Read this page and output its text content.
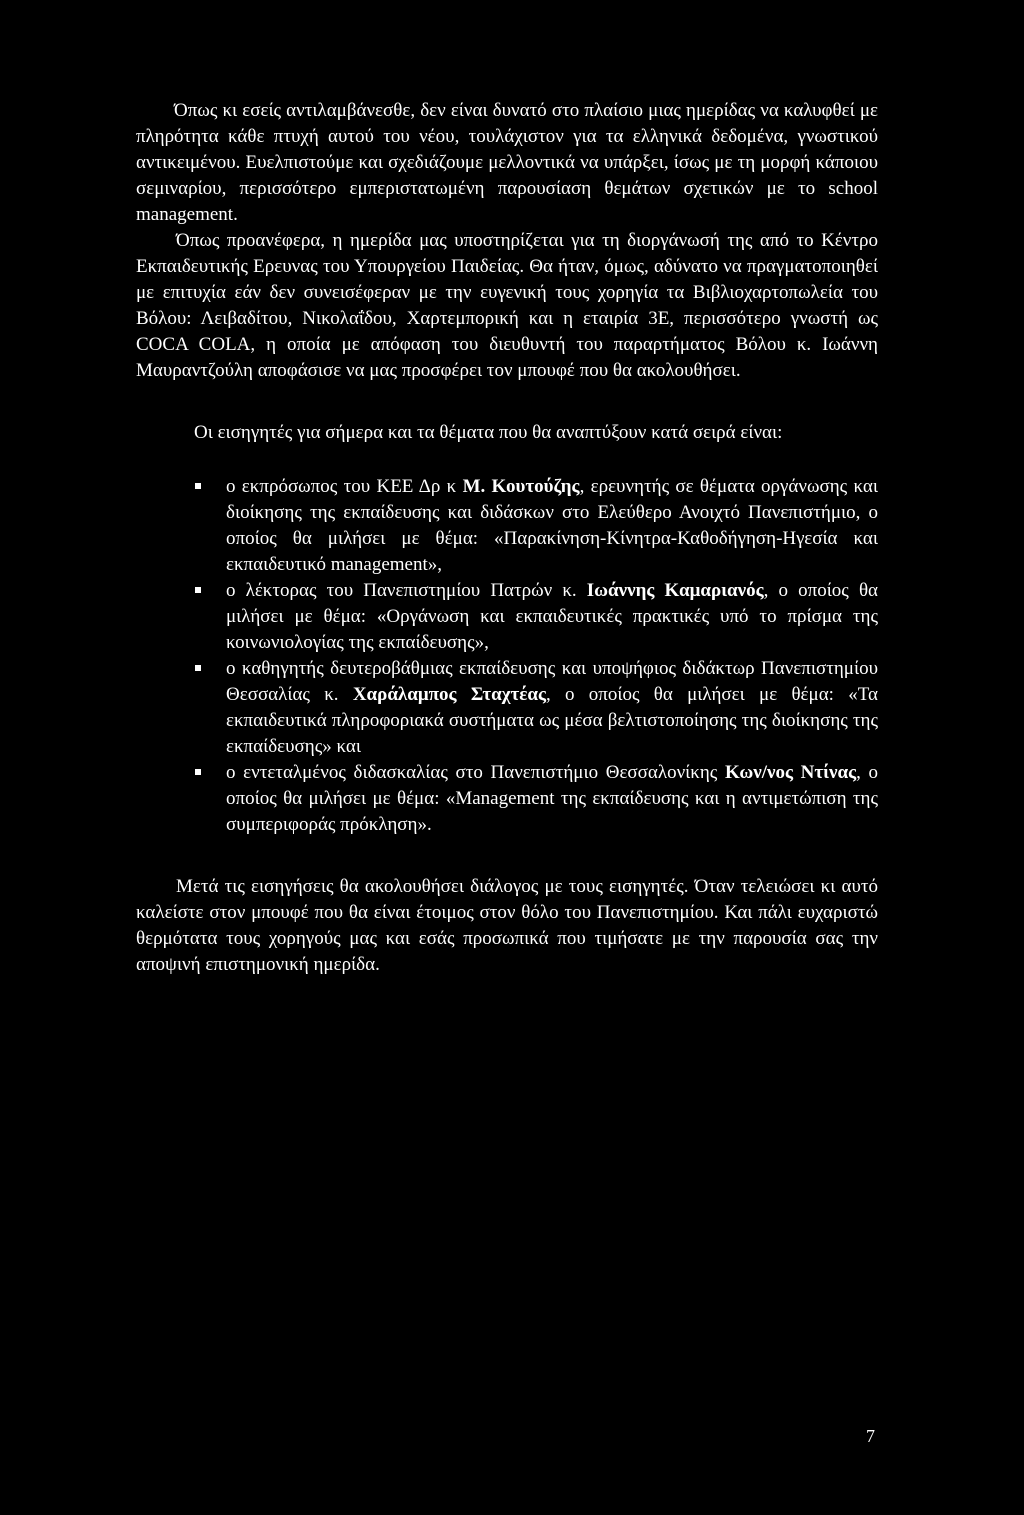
Όπως κι εσείς αντιλαμβάνεσθε, δεν είναι δυνατό στο πλαίσιο μιας ημερίδας να καλυφθεί με πληρότητα κάθε πτυχή αυτού του νέου, τουλάχιστον για τα ελληνικά δεδομένα, γνωστικού αντικειμένου. Ευελπιστούμε και σχεδιάζουμε μελλοντικά να υπάρξει, ίσως με τη μορφή κάποιου σεμιναρίου, περισσότερο εμπεριστατωμένη παρουσίαση θεμάτων σχετικών με το school management.

Όπως προανέφερα, η ημερίδα μας υποστηρίζεται για τη διοργάνωσή της από το Κέντρο Εκπαιδευτικής Ερευνας του Υπουργείου Παιδείας. Θα ήταν, όμως, αδύνατο να πραγματοποιηθεί με επιτυχία εάν δεν συνεισέφεραν με την ευγενική τους χορηγία τα Βιβλιοχαρτοπωλεία του Βόλου: Λειβαδίτου, Νικολαΐδου, Χαρτεμπορική και η εταιρία 3Ε, περισσότερο γνωστή ως COCA COLA, η οποία με απόφαση του διευθυντή του παραρτήματος Βόλου κ. Ιωάννη Μαυραντζούλη αποφάσισε να μας προσφέρει τον μπουφέ που θα ακολουθήσει.

Οι εισηγητές για σήμερα και τα θέματα που θα αναπτύξουν κατά σειρά είναι:

ο εκπρόσωπος του ΚΕΕ Δρ κ Μ. Κουτούζης, ερευνητής σε θέματα οργάνωσης και διοίκησης της εκπαίδευσης και διδάσκων στο Ελεύθερο Ανοιχτό Πανεπιστήμιο, ο οποίος θα μιλήσει με θέμα: «Παρακίνηση-Κίνητρα-Καθοδήγηση-Ηγεσία και εκπαιδευτικό management»,
ο λέκτορας του Πανεπιστημίου Πατρών κ. Ιωάννης Καμαριανός, ο οποίος θα μιλήσει με θέμα: «Οργάνωση και εκπαιδευτικές πρακτικές υπό το πρίσμα της κοινωνιολογίας της εκπαίδευσης»,
ο καθηγητής δευτεροβάθμιας εκπαίδευσης και υποψήφιος διδάκτωρ Πανεπιστημίου Θεσσαλίας κ. Χαράλαμπος Σταχτέας, ο οποίος θα μιλήσει με θέμα: «Τα εκπαιδευτικά πληροφοριακά συστήματα ως μέσα βελτιστοποίησης της διοίκησης της εκπαίδευσης» και
ο εντεταλμένος διδασκαλίας στο Πανεπιστήμιο Θεσσαλονίκης Κων/νος Ντίνας, ο οποίος θα μιλήσει με θέμα: «Management της εκπαίδευσης και η αντιμετώπιση της συμπεριφοράς πρόκληση».

Μετά τις εισηγήσεις θα ακολουθήσει διάλογος με τους εισηγητές. Όταν τελειώσει κι αυτό καλείστε στον μπουφέ που θα είναι έτοιμος στον θόλο του Πανεπιστημίου. Και πάλι ευχαριστώ θερμότατα τους χορηγούς μας και εσάς προσωπικά που τιμήσατε με την παρουσία σας την αποψινή επιστημονική ημερίδα.

7
